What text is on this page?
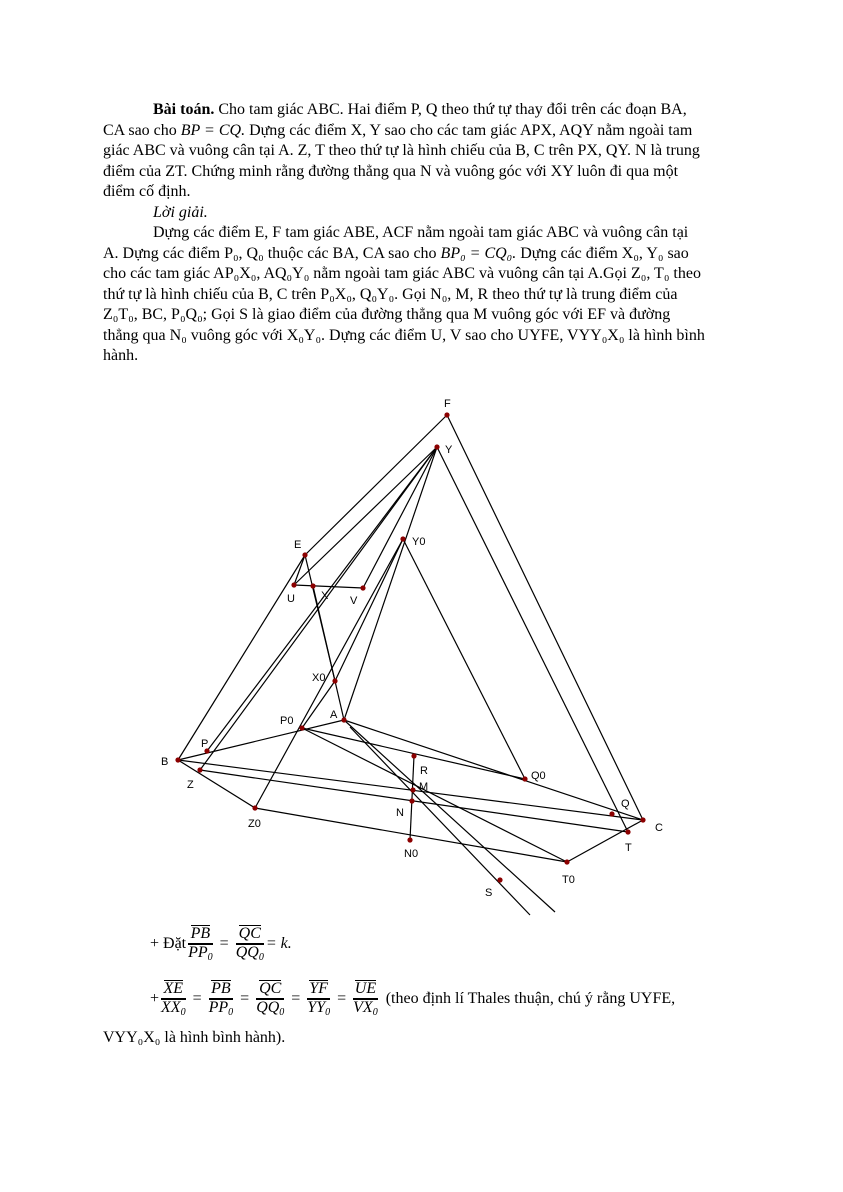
Bài toán. Cho tam giác ABC. Hai điểm P, Q theo thứ tự thay đổi trên các đoạn BA,

CA sao cho BP = CQ. Dựng các điểm X, Y sao cho các tam giác APX, AQY nằm ngoài tam

giác ABC và vuông cân tại A. Z, T theo thứ tự là hình chiếu của B, C trên PX, QY. N là trung

điểm của ZT. Chứng minh rằng đường thẳng qua N và vuông góc với XY luôn đi qua một

điểm cố định.

Lời giải.

Dựng các điểm E, F tam giác ABE, ACF nằm ngoài tam giác ABC và vuông cân tại

A. Dựng các điểm P₀, Q₀ thuộc các BA, CA sao cho BP₀ = CQ₀. Dựng các điểm X₀, Y₀ sao

cho các tam giác AP₀X₀, AQ₀Y₀ nằm ngoài tam giác ABC và vuông cân tại A.Gọi Z₀, T₀ theo

thứ tự là hình chiếu của B, C trên P₀X₀, Q₀Y₀. Gọi N₀, M, R theo thứ tự là trung điểm của

Z₀T₀, BC, P₀Q₀; Gọi S là giao điểm của đường thẳng qua M vuông góc với EF và đường

thẳng qua N₀ vuông góc với X₀Y₀. Dựng các điểm U, V sao cho UYFE, VYY₀X₀ là hình bình

hành.

F
Y
Y0
E
U X V
X0
A
P0
P
B
Z
Z0
R
M
N
N0
Q0
Q
C
T
T0
S
+ Đặt $\frac{PB}{PP_0} = \frac{QC}{QQ_0} = k$.
+ $\frac{XE}{XX_0} = \frac{PB}{PP_0} = \frac{QC}{QQ_0} = \frac{YF}{YY_0} = \frac{UE}{VX_0}$ (theo định lí Thales thuận, chú ý rằng UYFE,
VYY₀X₀ là hình bình hành).
